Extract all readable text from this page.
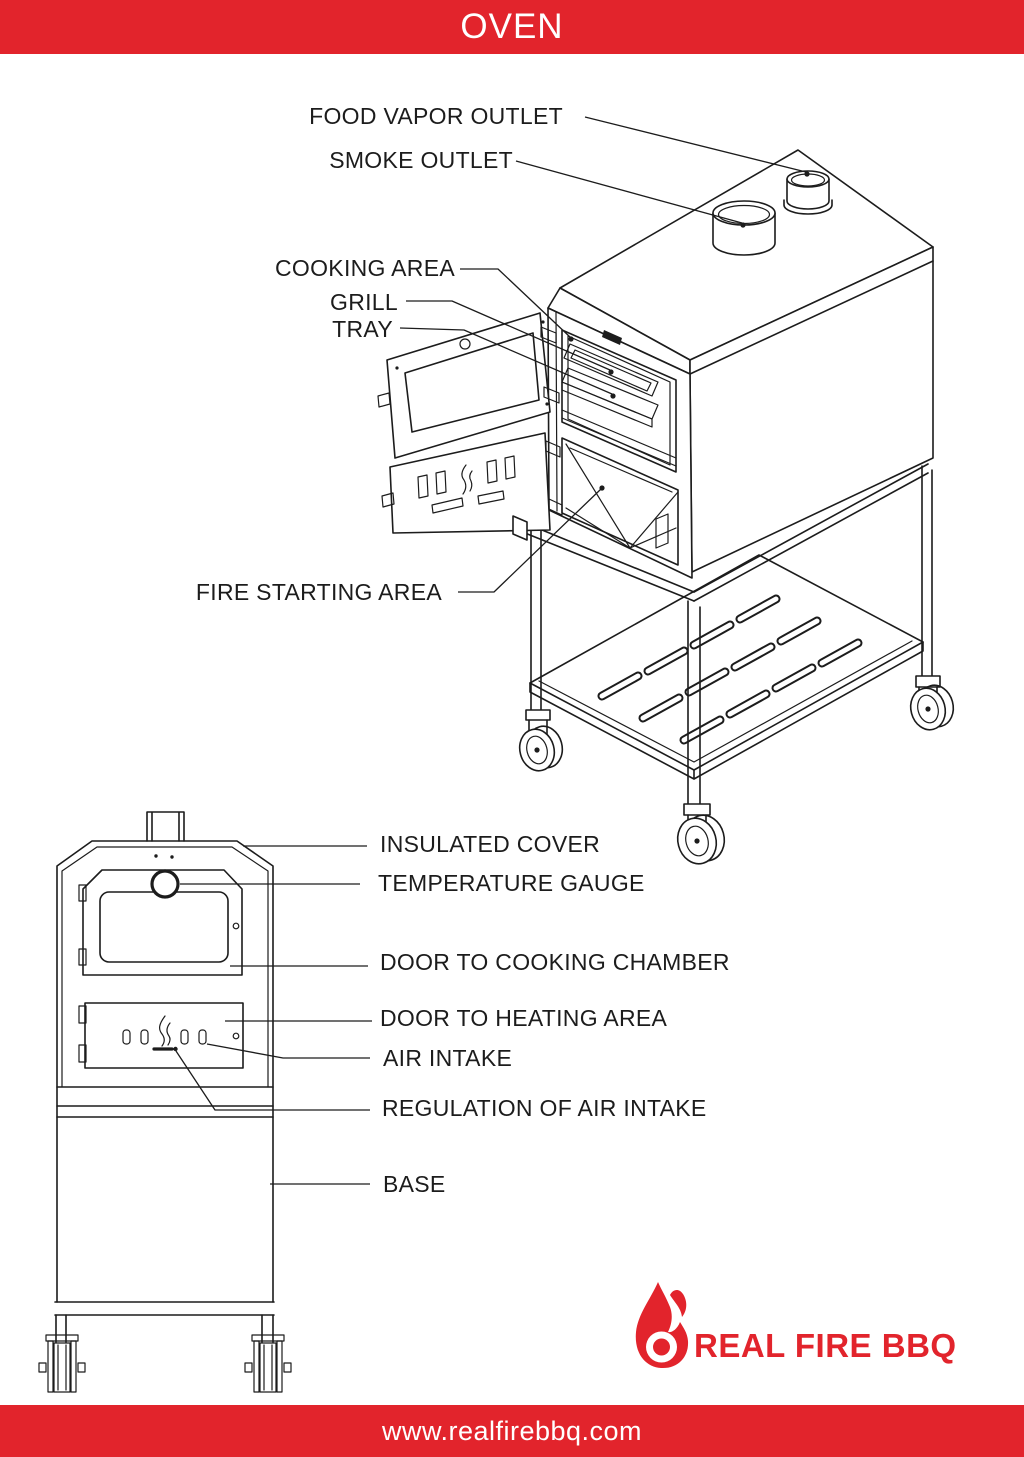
OVEN
FOOD VAPOR OUTLET
SMOKE OUTLET
COOKING AREA
GRILL
TRAY
FIRE STARTING AREA
INSULATED COVER
TEMPERATURE GAUGE
DOOR TO COOKING CHAMBER
DOOR TO HEATING AREA
AIR INTAKE
REGULATION OF AIR INTAKE
BASE
REAL FIRE BBQ
www.realfirebbq.com
